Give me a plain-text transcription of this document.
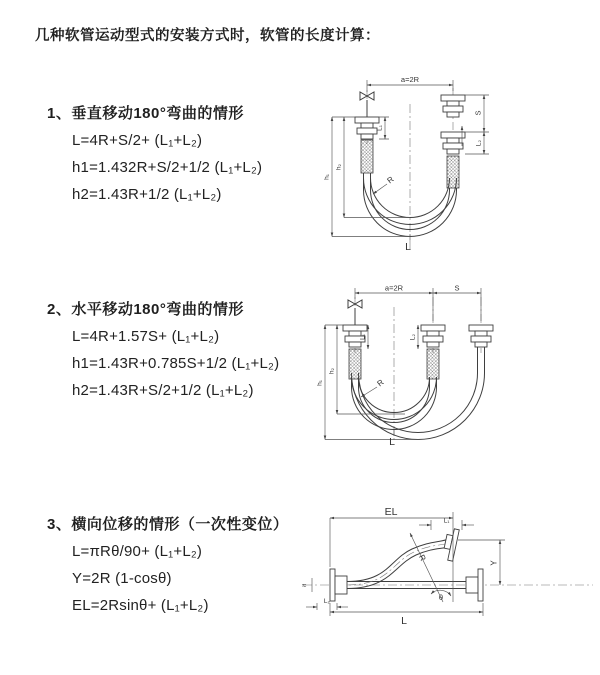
几种软管运动型式的安装方式时，软管的长度计算：
1、垂直移动180°弯曲的情形
L=4R+S/2+ (L₁+L₂)
h1=1.432R+S/2+1/2 (L₁+L₂)
h2=1.43R+1/2 (L₁+L₂)
2、水平移动180°弯曲的情形
L=4R+1.57S+ (L₁+L₂)
h1=1.43R+0.785S+1/2 (L₁+L₂)
h2=1.43R+S/2+1/2 (L₁+L₂)
3、横向位移的情形（一次性变位）
L=πRθ/90+ (L₁+L₂)
Y=2R (1-cosθ)
EL=2Rsinθ+ (L₁+L₂)
a=2R
R
L₁
S
L₂
h₁
h₂
L
a=2R	S
R
L₁	L₂
h₁
h₂
L
≈
EL
L₁
Y
R
θ
L₂
L
